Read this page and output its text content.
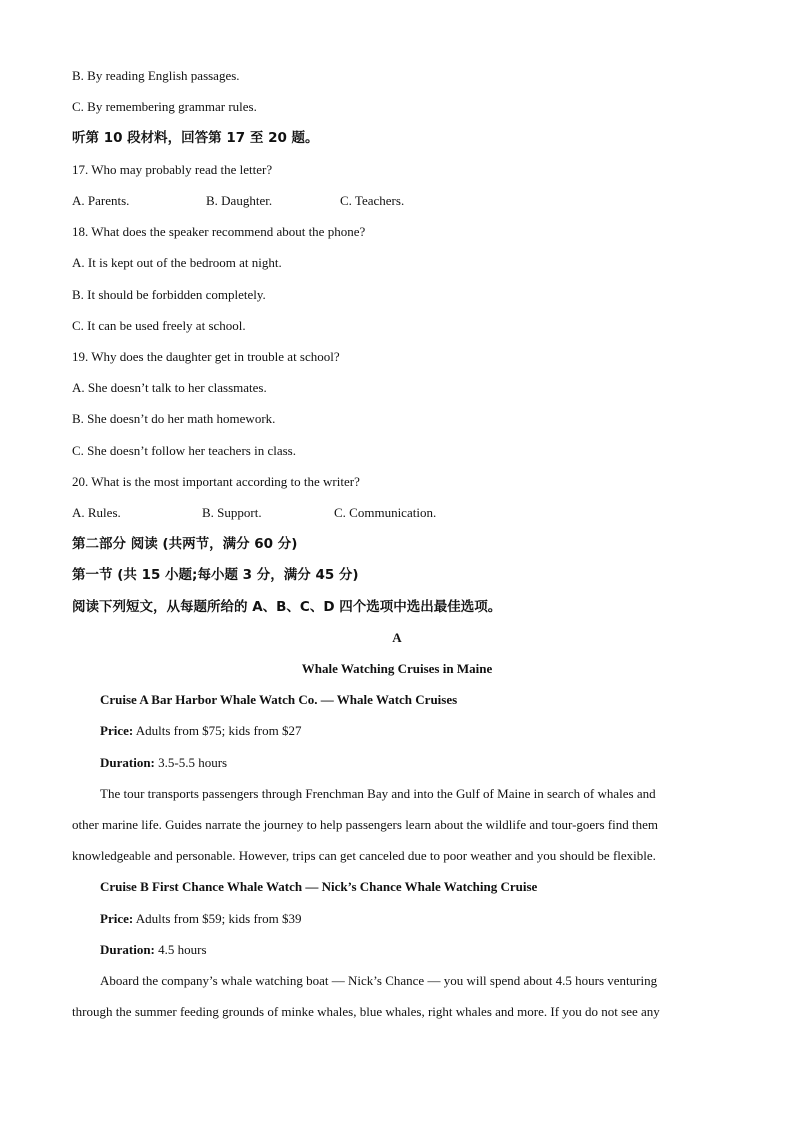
B. By reading English passages.
C. By remembering grammar rules.
听第 10 段材料，回答第 17 至 20 题。
17. Who may probably read the letter?
A. Parents.	B. Daughter.	C. Teachers.
18. What does the speaker recommend about the phone?
A. It is kept out of the bedroom at night.
B. It should be forbidden completely.
C. It can be used freely at school.
19. Why does the daughter get in trouble at school?
A. She doesn’t talk to her classmates.
B. She doesn’t do her math homework.
C. She doesn’t follow her teachers in class.
20. What is the most important according to the writer?
A. Rules.	B. Support.	C. Communication.
第二部分 阅读 (共两节，满分 60 分)
第一节 (共 15 小题;每小题 3 分，满分 45 分)
阅读下列短文，从每题所给的 A、B、C、D 四个选项中选出最佳选项。
A
Whale Watching Cruises in Maine
Cruise A Bar Harbor Whale Watch Co. — Whale Watch Cruises
Price: Adults from $75; kids from $27
Duration: 3.5-5.5 hours
The tour transports passengers through Frenchman Bay and into the Gulf of Maine in search of whales and
other marine life. Guides narrate the journey to help passengers learn about the wildlife and tour-goers find them
knowledgeable and personable. However, trips can get canceled due to poor weather and you should be flexible.
Cruise B First Chance Whale Watch — Nick’s Chance Whale Watching Cruise
Price: Adults from $59; kids from $39
Duration: 4.5 hours
Aboard the company’s whale watching boat — Nick’s Chance — you will spend about 4.5 hours venturing
through the summer feeding grounds of minke whales, blue whales, right whales and more. If you do not see any
